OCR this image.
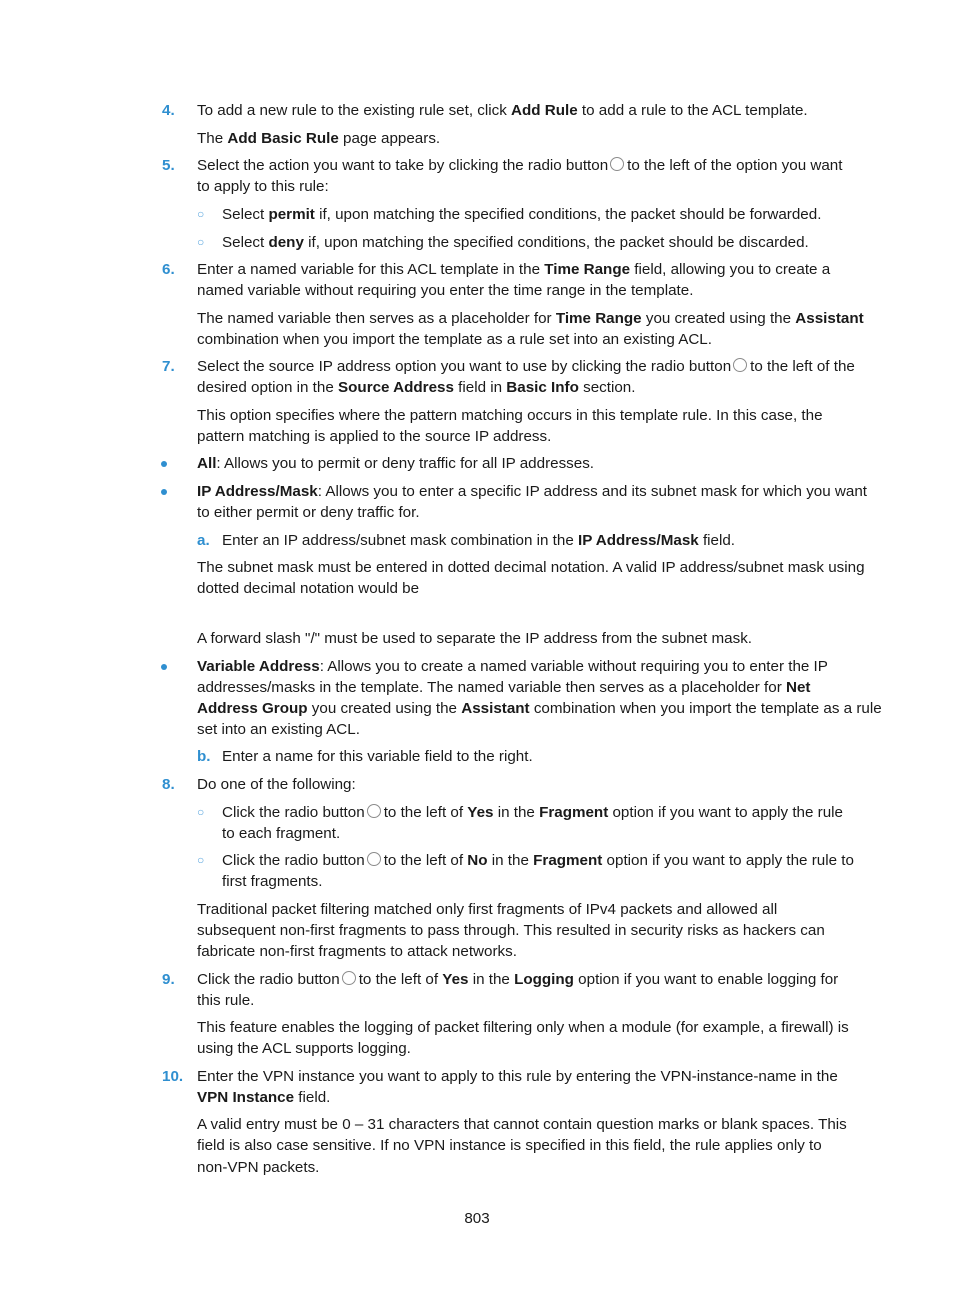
4. To add a new rule to the existing rule set, click Add Rule to add a rule to the ACL template.
The Add Basic Rule page appears.
5. Select the action you want to take by clicking the radio button to the left of the option you want
to apply to this rule:
○ Select permit if, upon matching the specified conditions, the packet should be forwarded.
○ Select deny if, upon matching the specified conditions, the packet should be discarded.
6. Enter a named variable for this ACL template in the Time Range field, allowing you to create a
named variable without requiring you enter the time range in the template.
The named variable then serves as a placeholder for Time Range you created using the Assistant
combination when you import the template as a rule set into an existing ACL.
7. Select the source IP address option you want to use by clicking the radio button to the left of the
desired option in the Source Address field in Basic Info section.
This option specifies where the pattern matching occurs in this template rule. In this case, the
pattern matching is applied to the source IP address.
All: Allows you to permit or deny traffic for all IP addresses.
IP Address/Mask: Allows you to enter a specific IP address and its subnet mask for which you want
to either permit or deny traffic for.
a. Enter an IP address/subnet mask combination in the IP Address/Mask field.
The subnet mask must be entered in dotted decimal notation. A valid IP address/subnet mask using
dotted decimal notation would be
A forward slash "/" must be used to separate the IP address from the subnet mask.
Variable Address: Allows you to create a named variable without requiring you to enter the IP
addresses/masks in the template. The named variable then serves as a placeholder for Net
Address Group you created using the Assistant combination when you import the template as a rule
set into an existing ACL.
b. Enter a name for this variable field to the right.
8. Do one of the following:
○ Click the radio button to the left of Yes in the Fragment option if you want to apply the rule
to each fragment.
○ Click the radio button to the left of No in the Fragment option if you want to apply the rule to
first fragments.
Traditional packet filtering matched only first fragments of IPv4 packets and allowed all
subsequent non-first fragments to pass through. This resulted in security risks as hackers can
fabricate non-first fragments to attack networks.
9. Click the radio button to the left of Yes in the Logging option if you want to enable logging for
this rule.
This feature enables the logging of packet filtering only when a module (for example, a firewall) is
using the ACL supports logging.
10. Enter the VPN instance you want to apply to this rule by entering the VPN-instance-name in the
VPN Instance field.
A valid entry must be 0 – 31 characters that cannot contain question marks or blank spaces. This
field is also case sensitive. If no VPN instance is specified in this field, the rule applies only to
non-VPN packets.
803
